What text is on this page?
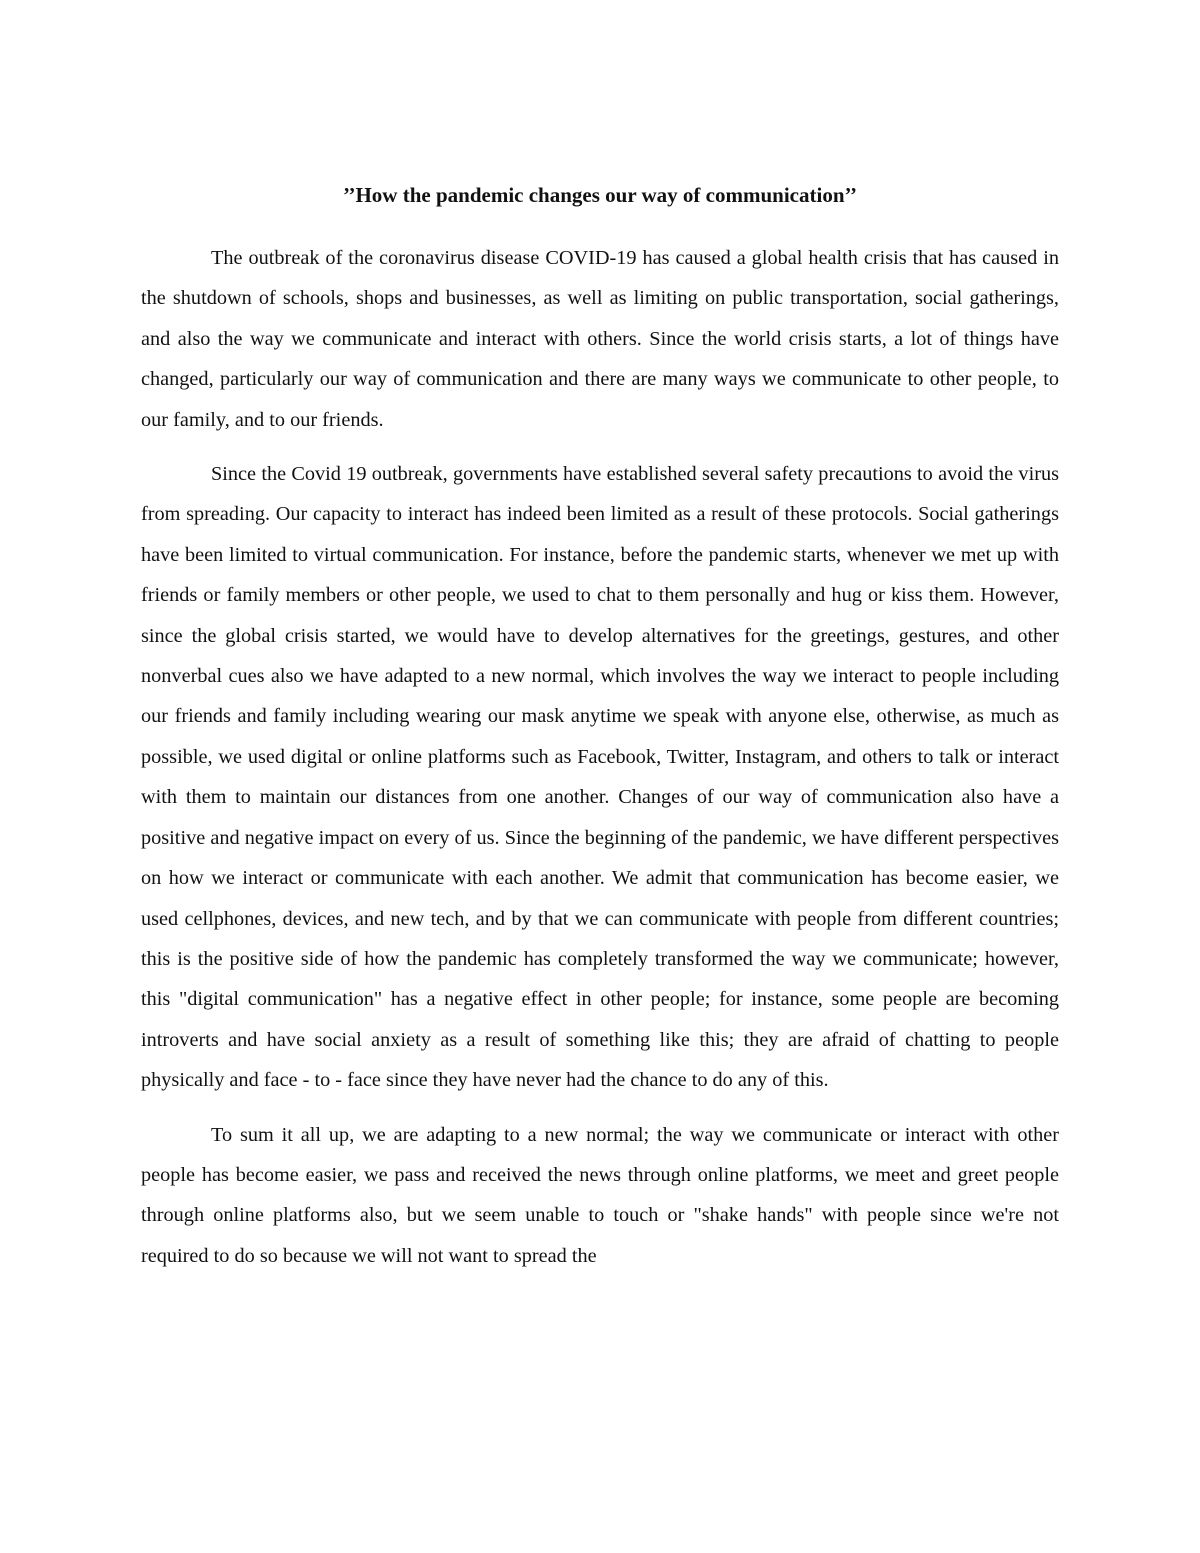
’’How the pandemic changes our way of communication’’

The outbreak of the coronavirus disease COVID-19 has caused a global health crisis that has caused in the shutdown of schools, shops and businesses, as well as limiting on public transportation, social gatherings, and also the way we communicate and interact with others. Since the world crisis starts, a lot of things have changed, particularly our way of communication and there are many ways we communicate to other people, to our family, and to our friends.

Since the Covid 19 outbreak, governments have established several safety precautions to avoid the virus from spreading. Our capacity to interact has indeed been limited as a result of these protocols. Social gatherings have been limited to virtual communication. For instance, before the pandemic starts, whenever we met up with friends or family members or other people, we used to chat to them personally and hug or kiss them. However, since the global crisis started, we would have to develop alternatives for the greetings, gestures, and other nonverbal cues also we have adapted to a new normal, which involves the way we interact to people including our friends and family including wearing our mask anytime we speak with anyone else, otherwise, as much as possible, we used digital or online platforms such as Facebook, Twitter, Instagram, and others to talk or interact with them to maintain our distances from one another. Changes of our way of communication also have a positive and negative impact on every of us. Since the beginning of the pandemic, we have different perspectives on how we interact or communicate with each another. We admit that communication has become easier, we used cellphones, devices, and new tech, and by that we can communicate with people from different countries; this is the positive side of how the pandemic has completely transformed the way we communicate; however, this "digital communication" has a negative effect in other people; for instance, some people are becoming introverts and have social anxiety as a result of something like this; they are afraid of chatting to people physically and face - to - face since they have never had the chance to do any of this.

To sum it all up, we are adapting to a new normal; the way we communicate or interact with other people has become easier, we pass and received the news through online platforms, we meet and greet people through online platforms also, but we seem unable to touch or "shake hands" with people since we're not required to do so because we will not want to spread the
